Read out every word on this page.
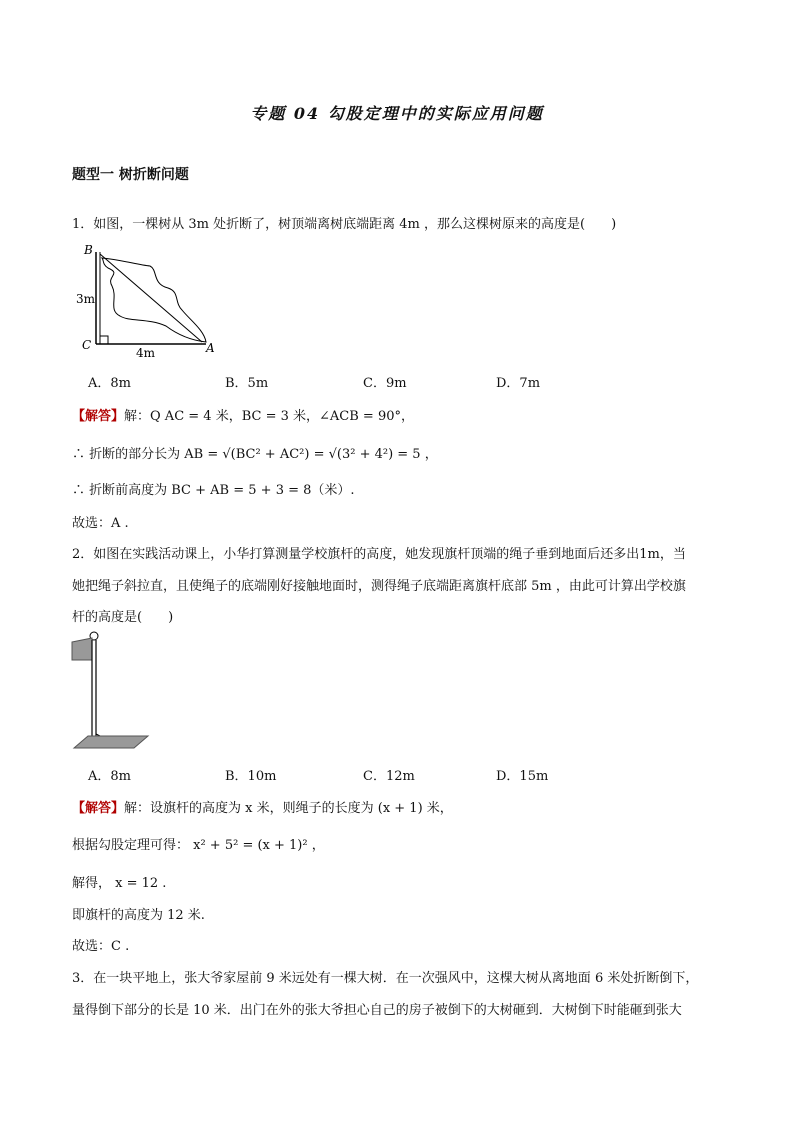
专题 04 勾股定理中的实际应用问题
题型一 树折断问题
1．如图，一棵树从 3m 处折断了，树顶端离树底端距离 4m ，那么这棵树原来的高度是(　　)
B
C	A
3m
4m
A．8m	B．5m	C．9m	D．7m
【解答】解：Q AC = 4 米，BC = 3 米，∠ACB = 90°，
∴ 折断的部分长为 AB = √(BC² + AC²) = √(3² + 4²) = 5 ，
∴ 折断前高度为 BC + AB = 5 + 3 = 8（米）.
故选：A .
2．如图在实践活动课上，小华打算测量学校旗杆的高度，她发现旗杆顶端的绳子垂到地面后还多出1m，当
她把绳子斜拉直，且使绳子的底端刚好接触地面时，测得绳子底端距离旗杆底部 5m ，由此可计算出学校旗
杆的高度是(　　)
A．8m	B．10m	C．12m	D．15m
【解答】解：设旗杆的高度为 x 米，则绳子的长度为 (x + 1) 米，
根据勾股定理可得： x² + 5² = (x + 1)² ，
解得， x = 12 .
即旗杆的高度为 12 米.
故选：C .
3．在一块平地上，张大爷家屋前 9 米远处有一棵大树．在一次强风中，这棵大树从离地面 6 米处折断倒下，
量得倒下部分的长是 10 米．出门在外的张大爷担心自己的房子被倒下的大树砸到．大树倒下时能砸到张大
